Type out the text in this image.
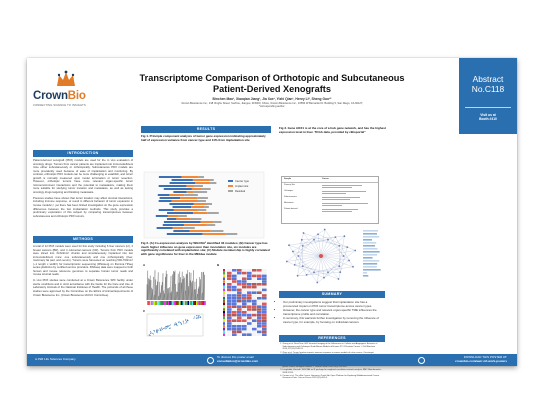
CrownBio
CONNECTING SCIENCE TO INSIGHTS
Transcriptome Comparison of Orthotopic and Subcutaneous
Patient-Derived Xenografts
Binchen Mao¹, Xiaoqian Jiang¹, Jia Xue¹, Yizhi Qian¹, Henry Li², Sheng Guo¹*
¹Crown Bioscience Inc., 218 Xinghu Street, Suzhou, Jiangsu, 215000, China; ²Crown Bioscience Inc., 16550 W Bernardo Dr. Building 5, San Diego, CA 92127;
*corresponding author.
Abstract
No.C118
Visit us at
Booth #410
INTRODUCTION

Patient-derived xenograft (PDX) models are used for the in vivo evaluation of oncology drugs. Tumors from cancer patients are implanted into immunodeficient mice either subcutaneously or orthotopically. Subcutaneous PDX models are more prevalently used because of ease of implantation and monitoring. By contrast, orthotopic PDX models can be more challenging to establish, and tumor growth is normally measured upon model termination or tumor resection. However, orthotopic tumors have more relevant organ-specific tumor microenvironment interactions and the potential to metastasize, making them more suitable for studying tumor invasion and metastasis, as well as testing oncology drugs targeting and blocking metastasis.

Previous studies have shown that tumor location may affect stromal interactions, including immune response, or result in different behavior of tumor expansion in mouse models¹,². yet there has been limited investigation on the gene expression differences between the two implantation methods. This study provides a preliminary exploration of this subject by comparing transcriptomes between subcutaneous and orthotopic PDX tumors.

METHODS

A total of 12 PDX models were used for this study including 6 liver cancers (LI), 2 breast cancers (BR), and 4 colorectal cancers (CR). Tumors from PDX models were sliced into 3x3x3mm³ chunks and simultaneously implanted into two immunodeficient mice: one subcutaneously and one orthotopically (liver, mammary fat pad, and cecum). Tumors were harvested on reaching 500-700mm³ (~1 length x width²) for transcriptomic sequencing (RNAseq) on Illumina HiSeq series platforms by certified service providers. RNAseq data were mapped to both human and mouse reference genomes to separate human tumor reads and mouse stromal reads.

In vivo PDX studies were conducted at a Crown Bioscience SPF facility under sterile conditions and in strict accordance with the Guide for the Care and Use of Laboratory Animals of the National Institutes of Health. The protocols of all these studies were approved by the Committee on the Ethics of Animal Experiments of Crown Bioscience Inc. (Crown Bioscience IACUC Committee).

RESULTS
Fig 1. Principle component analysis of tumor gene expression indicating approximately half of expression variance from cancer type and 11% from implantation site
Cancer type
Implant site
Residual
Fig 2. (A) Co-expression analysis by WGCNA³ identified 33 modules; (B) Cancer type has much higher influence on gene expression than inoculation site, six modules are significantly correlated with implantation site; (C) Module membership is highly correlated with gene significance for liver in the MEblue module
A
C
B
Fig 3. Gene AOX1 is at the core of a hub gene network, and has the highest expression level in liver. TCGA data, provided by cBioportal⁴
Sample	Cancer
Primary Site
Orthotopic
Subcutaneous
Metastasis
Patient-derived
SUMMARY
• Our preliminary investigations suggest that implantation site has a pronounced impact on PDX tumor transcriptome across cancer types.
• However, the cancer type and relevant organ-specific TME influences the transcriptome profile and correlation.
• In summary, this warrants further investigation by removing the influence of cancer type, for example, by focusing on individual cancers.
REFERENCES
1. Zhang et al. Real-Time GFP Intravital Imaging of the Differences in Cellular and Angiogenic Behavior of Subcutaneous and Orthotopic Nude-Mouse Models of Human PC-3 Prostate Cancer. J Cell Biochem 2016;117(11):2546-51.
2. Zhao et al. Tumor location impacts immune response in mouse models of colon cancer. Oncotarget
3.
4. gastric cancer xenograft models. J Toxicol Pathol 2018;31(4):293-300.
5. Langfelder, Horvath. WGCNA: an R package for weighted correlation network analysis. BMC Bioinformatics 2008;9:559.
6. Cerami et al. The cBio Cancer Genomics Portal: An Open Platform for Exploring Multidimensional Cancer Genomics Data. Cancer Discov 2012;2(5):401-4.
A JSR Life Sciences Company	To discuss this poster email
consultation@crownbio.com
DOWNLOAD THIS POSTER AT:
crownbio.com/aacr-mf-work-posters
